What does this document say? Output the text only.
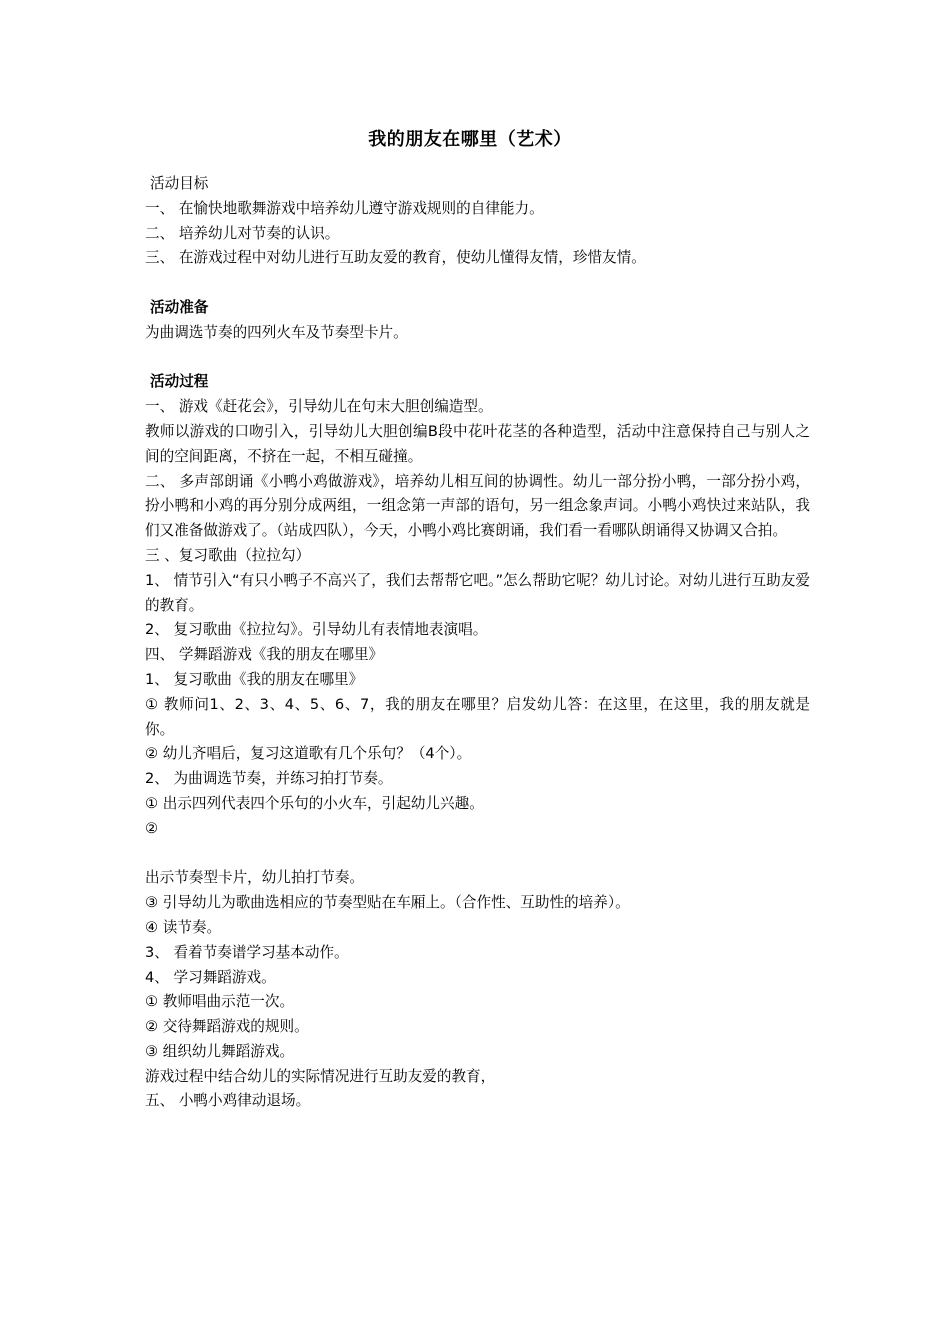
我的朋友在哪里（艺术）
活动目标
一、 在愉快地歌舞游戏中培养幼儿遵守游戏规则的自律能力。
二、 培养幼儿对节奏的认识。
三、 在游戏过程中对幼儿进行互助友爱的教育，使幼儿懂得友情，珍惜友情。
活动准备
为曲调选节奏的四列火车及节奏型卡片。
活动过程
一、 游戏《赶花会》，引导幼儿在句末大胆创编造型。
教师以游戏的口吻引入，引导幼儿大胆创编B段中花叶花茎的各种造型，活动中注意保持自己与别人之间的空间距离，不挤在一起，不相互碰撞。
二、 多声部朗诵《小鸭小鸡做游戏》，培养幼儿相互间的协调性。幼儿一部分扮小鸭，一部分扮小鸡，扮小鸭和小鸡的再分别分成两组，一组念第一声部的语句，另一组念象声词。小鸭小鸡快过来站队，我们又准备做游戏了。（站成四队），今天，小鸭小鸡比赛朗诵，我们看一看哪队朗诵得又协调又合拍。
三 、复习歌曲（拉拉勾）
1、 情节引入“有只小鸭子不高兴了，我们去帮帮它吧。”怎么帮助它呢？幼儿讨论。对幼儿进行互助友爱的教育。
2、 复习歌曲《拉拉勾》。引导幼儿有表情地表演唱。
四、 学舞蹈游戏《我的朋友在哪里》
1、 复习歌曲《我的朋友在哪里》
① 教师问1、2、3、4、5、6、7，我的朋友在哪里？启发幼儿答：在这里，在这里，我的朋友就是你。
② 幼儿齐唱后，复习这道歌有几个乐句？（4个）。
2、 为曲调选节奏，并练习拍打节奏。
① 出示四列代表四个乐句的小火车，引起幼儿兴趣。
②
出示节奏型卡片，幼儿拍打节奏。
③ 引导幼儿为歌曲选相应的节奏型贴在车厢上。（合作性、互助性的培养）。
④ 读节奏。
3、 看着节奏谱学习基本动作。
4、 学习舞蹈游戏。
① 教师唱曲示范一次。
② 交待舞蹈游戏的规则。
③ 组织幼儿舞蹈游戏。
游戏过程中结合幼儿的实际情况进行互助友爱的教育，
五、 小鸭小鸡律动退场。
